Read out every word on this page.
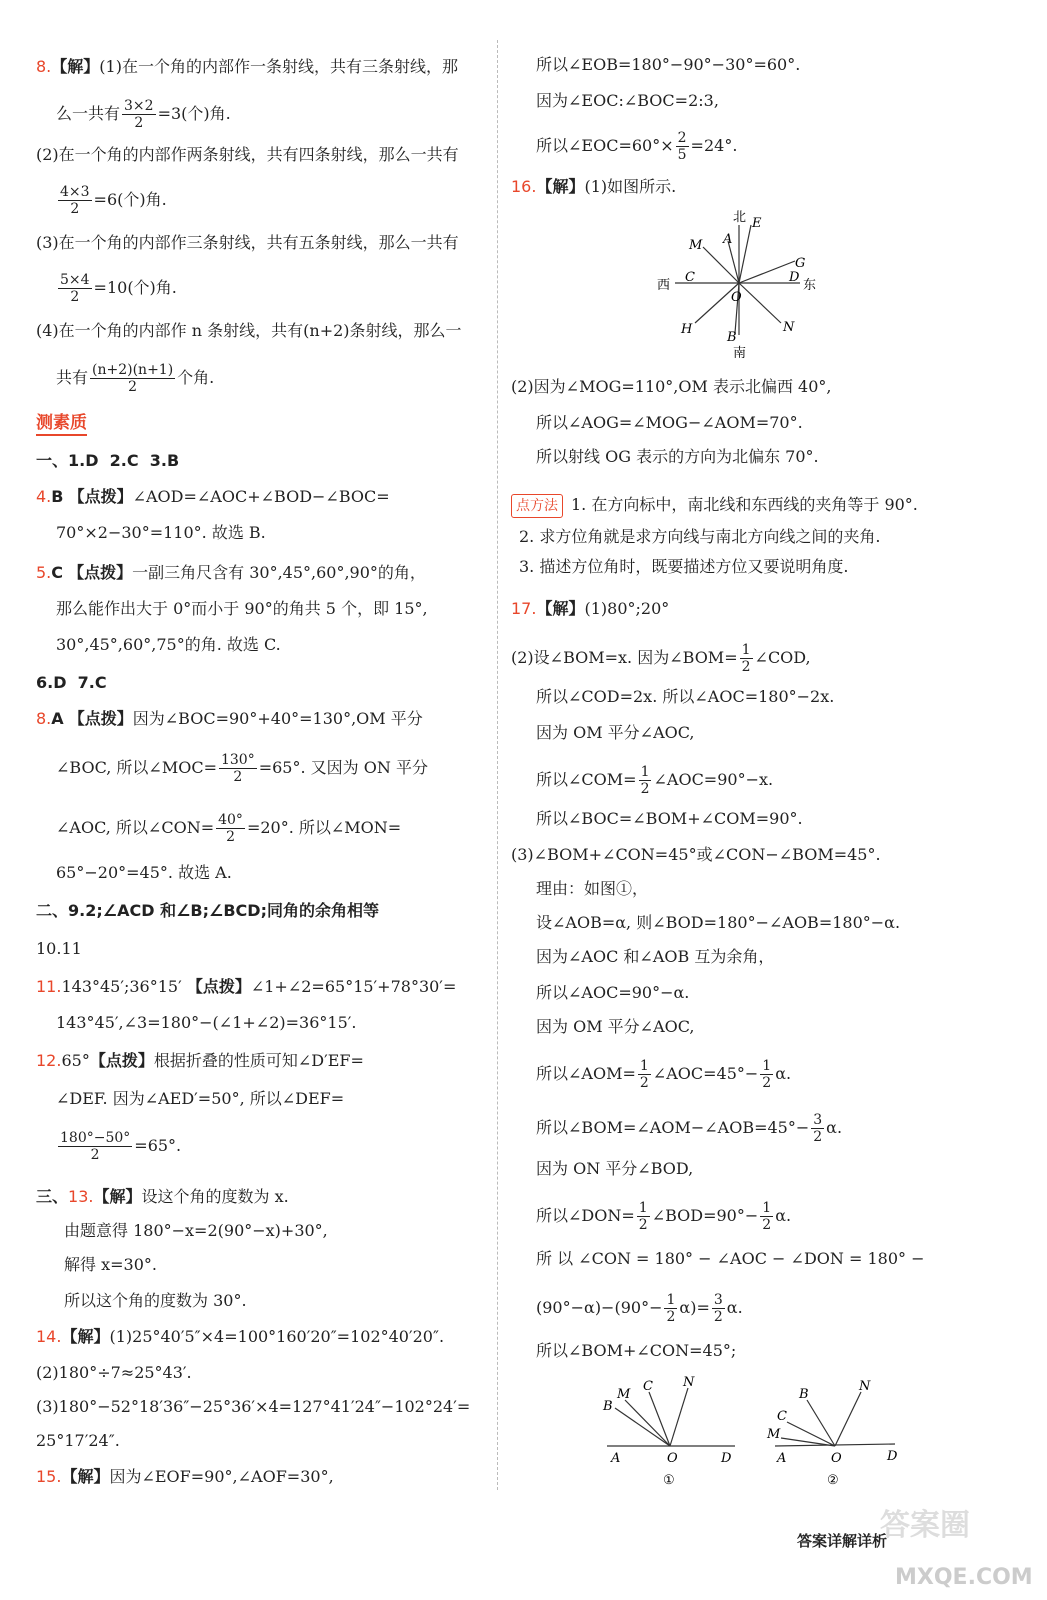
8.【解】(1)在一个角的内部作一条射线，共有三条射线，那
么一共有 $\frac{3\times 2}{2} =3$(个)角.
(2)在一个角的内部作两条射线，共有四条射线，那么一共有
$\frac{4\times 3}{2} =6$(个)角.
(3)在一个角的内部作三条射线，共有五条射线，那么一共有
$\frac{5\times 4}{2} =10$(个)角.
(4)在一个角的内部作 n 条射线，共有(n+2)条射线，那么一
共有 $\frac{(n+2)(n+1)}{2}$ 个角.
测素质
一、1.D 2.C 3.B
4.B 【点拨】∠AOD=∠AOC+∠BOD−∠BOC=
70°×2−30°=110°. 故选 B.
5.C 【点拨】一副三角尺含有 30°,45°,60°,90°的角，
那么能作出大于 0°而小于 90°的角共 5 个，即 15°,
30°,45°,60°,75°的角. 故选 C.
6.D 7.C
8.A 【点拨】因为∠BOC=90°+40°=130°,OM 平分
∠BOC, 所以∠MOC= $\frac{130^\circ}{2} =65^\circ$. 又因为 ON 平分
∠AOC, 所以∠CON= $\frac{40^\circ}{2} =20^\circ$. 所以∠MON=
65°−20°=45°. 故选 A.
二、9.2;∠ACD 和∠B;∠BCD;同角的余角相等
10.11
11.143°45′;36°15′ 【点拨】∠1+∠2=65°15′+78°30′=
143°45′,∠3=180°−(∠1+∠2)=36°15′.
12.65°【点拨】根据折叠的性质可知∠D′EF=
∠DEF. 因为∠AED′=50°, 所以∠DEF=
$\frac{180^\circ-50^\circ}{2} =65^\circ$.
三、13.【解】设这个角的度数为 x.
由题意得 180°−x=2(90°−x)+30°,
解得 x=30°.
所以这个角的度数为 30°.
14.【解】(1)25°40′5″×4=100°160′20″=102°40′20″.
(2)180°÷7≈25°43′.
(3)180°−52°18′36″−25°36′×4=127°41′24″−102°24′=
25°17′24″.
15.【解】因为∠EOF=90°,∠AOF=30°,
所以∠EOB=180°−90°−30°=60°.
因为∠EOC:∠BOC=2:3,
所以∠EOC=60°× $\frac{2}{5} =24^\circ$.
16.【解】(1)如图所示.
北
南
西	东
E
A
M
G
D
C
O
H
B
N
(2)因为∠MOG=110°,OM 表示北偏西 40°,
所以∠AOG=∠MOG−∠AOM=70°.
所以射线 OG 表示的方向为北偏东 70°.
点方法 1. 在方向标中，南北线和东西线的夹角等于 90°.
2. 求方位角就是求方向线与南北方向线之间的夹角.
3. 描述方位角时，既要描述方位又要说明角度.
17.【解】(1)80°;20°
(2)设∠BOM=x. 因为∠BOM= $\frac{1}{2}$ ∠COD,
所以∠COD=2x. 所以∠AOC=180°−2x.
因为 OM 平分∠AOC,
所以∠COM= $\frac{1}{2}$ ∠AOC=90°−x.
所以∠BOC=∠BOM+∠COM=90°.
(3)∠BOM+∠CON=45°或∠CON−∠BOM=45°.
理由：如图①，
设∠AOB=α, 则∠BOD=180°−∠AOB=180°−α.
因为∠AOC 和∠AOB 互为余角，
所以∠AOC=90°−α.
因为 OM 平分∠AOC,
所以∠AOM= $\frac{1}{2}$ ∠AOC=45°− $\frac{1}{2} \alpha$.
所以∠BOM=∠AOM−∠AOB=45°− $\frac{3}{2} \alpha$.
因为 ON 平分∠BOD,
所以∠DON= $\frac{1}{2}$ ∠BOD=90°− $\frac{1}{2} \alpha$.
所 以 ∠CON = 180° − ∠AOC − ∠DON = 180° −
$(90^\circ-\alpha)-(90^\circ- \frac{1}{2} \alpha)= \frac{3}{2} \alpha$.
所以∠BOM+∠CON=45°;
C N
M
B
A	O	D
①
B
N
C
M
A	O	D
②
答案圈
答案详解详析
MXQE.COM
